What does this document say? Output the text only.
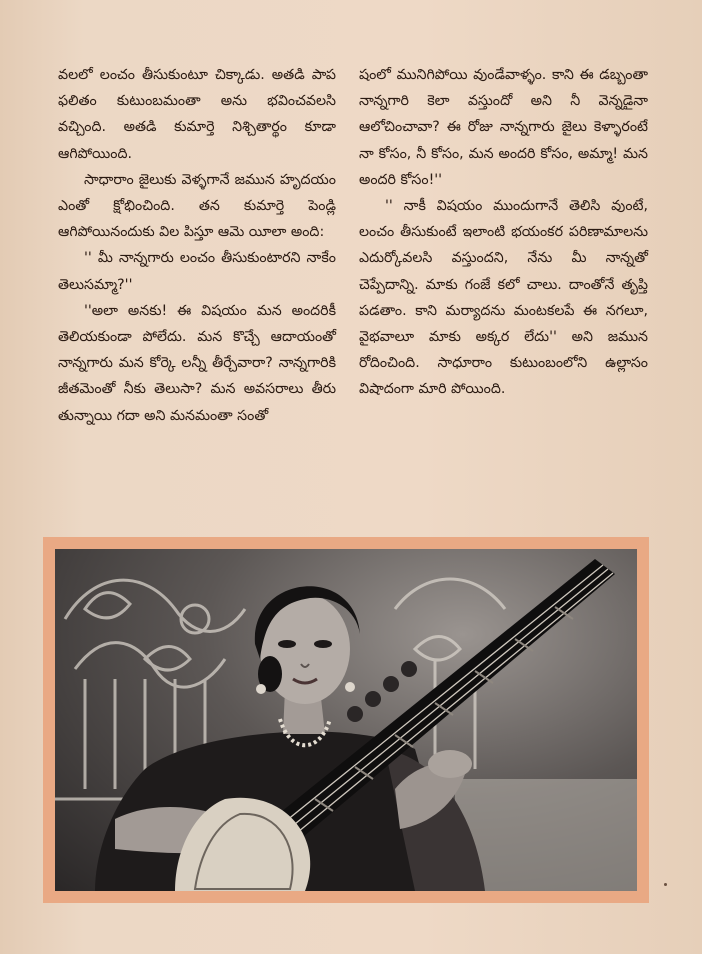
వలలో లంచం తీసుకుంటూ చిక్కాడు. అతడి పాప ఫలితం కుటుంబమంతా అను భవించవలసి వచ్చింది. అతడి కుమార్తె నిశ్చితార్థం కూడా ఆగిపోయింది.

సాధారాం జైలుకు వెళ్ళగానే జమున హృదయం ఎంతో క్షోభించింది. తన కుమార్తె పెండ్లి ఆగిపోయినందుకు విల పిస్తూ ఆమె యీలా అంది:

'' మీ నాన్నగారు లంచం తీసుకుంటారని నాకేం తెలుసమ్మా?''

''అలా అనకు! ఈ విషయం మన అందరికీ తెలియకుండా పోలేదు. మన కొచ్చే ఆదాయంతో నాన్నగారు మన కోర్కె లన్నీ తీర్చేవారా? నాన్నగారికి జీతమెంతో నీకు తెలుసా? మన అవసరాలు తీరు తున్నాయి గదా అని మనమంతా సంతో

షంలో మునిగిపోయి వుండేవాళ్ళం. కాని ఈ డబ్బంతా నాన్నగారి కెలా వస్తుందో అని నీ వెన్నడైనా ఆలోచించావా? ఈ రోజు నాన్నగారు జైలు కెళ్ళారంటే నా కోసం, నీ కోసం, మన అందరి కోసం, అమ్మా! మన అందరి కోసం!''

'' నాకీ విషయం ముందుగానే తెలిసి వుంటే, లంచం తీసుకుంటే ఇలాంటి భయంకర పరిణామాలను ఎదుర్కోవలసి వస్తుందని, నేను మీ నాన్నతో చెప్పేదాన్ని. మాకు గంజే కలో చాలు. దాంతోనే తృప్తి పడతాం. కాని మర్యాదను మంటకలపే ఈ నగలూ, వైభవాలూ మాకు అక్కర లేదు'' అని జమున రోదించింది. సాధూరాం కుటుంబంలోని ఉల్లాసం విషాదంగా మారి పోయింది.
